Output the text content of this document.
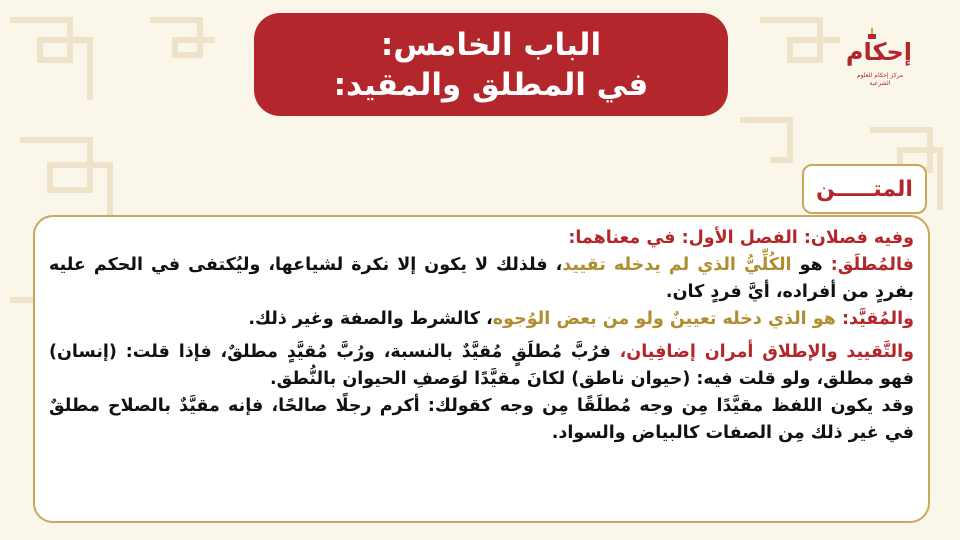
الباب الخامس:
في المطلق والمقيد:
إحكام
مركز إحكام للعلوم الشرعية
المتـــــن

وفيه فصلان: الفصل الأول: في معناهما:

فالمُطلَق: هو الكُلِّيُّ الذي لم يدخله تقييد، فلذلك لا يكون إلا نكرة لشياعها، وليُكتفى في الحكم عليه بفردٍ من أفراده، أيَّ فردٍ كان.

والمُقيَّد: هو الذي دخله تعيينٌ ولو من بعض الوُجوه، كالشرط والصفة وغير ذلك.

والتَّقييد والإطلاق أمران إضافِيان، فرُبَّ مُطلَقٍ مُقيَّدٌ بالنسبة، ورُبَّ مُقيَّدٍ مطلقٌ، فإذا قلت: (إنسان) فهو مطلق، ولو قلت فيه: (حيوان ناطق) لكانَ مقيَّدًا لوَصفِ الحيوان بالنُّطق.

وقد يكون اللفظ مقيَّدًا مِن وجه مُطلَقًا مِن وجه كقولك: أكرم رجلًا صالحًا، فإنه مقيَّدٌ بالصلاح مطلقٌ في غير ذلك مِن الصفات كالبياض والسواد.
